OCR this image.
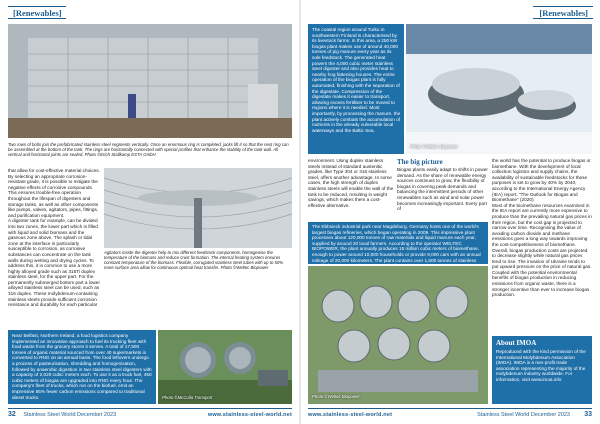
[Renewables]
Two rows of bolts join the prefabricated stainless steel segments vertically. Once an enormous ring is completed, jacks lift it so that the next ring can be assembled at the bottom of the tank. The rings are horizontally connected with special profiles that enhance the stability of the tank wall. All vertical and horizontal joints are sealed. Photo ©Erich Stallkamp ESTA GmbH
that allow for cost-effective material choices. By selecting an appropriate corrosion-resistant grade, it is possible to mitigate the negative effects of corrosive compounds. This ensures trouble-free operation throughout the lifespan of digesters and storage tanks, as well as other components like pumps, valves, agitators, pipes, fittings, and purification equipment.
A digester tank for example, can be divided into two zones, the lower part which is filled with liquid and solid biomass and the gaseous zone above. The splash or tidal zone at the interface is particularly susceptible to corrosion, as corrosive substances can concentrate on the tank walls during wetting and drying cycles. To address this, it is common to use a more highly alloyed grade such as 316Ti duplex stainless steel, for the upper part. For the permanently submerged bottom part a lower alloyed stainless steel can be used, such as 316 duplex. These molybdenum-containing stainless steels provide sufficient corrosion resistance and durability for each particular
Agitators inside the digester help to mix different feedstock components, homogenise the temperature of the biomass and reduce crust formation. The internal heating system ensures constant temperature of the biomass. Flexible, corrugated stainless steel tubes with up to 50% more surface area allow for continuous optimal heat transfer. Photo ©Weltec Biopower
Near Belfast, Northern Ireland, a food logistics company implemented an innovative approach to fuel its trucking fleet with food waste from the grocery stores it serves. A total of 17,500 tonnes of organic material sourced from over 40 supermarkets is converted to RNG on an annual basis. The food leftovers undergo a process of pasteurisation, shredding and homogenisation, followed by anaerobic digestion in two stainless steel digesters with a capacity of 2,020 cubic meters each. To use it as a truck fuel, 450 cubic meters of biogas are upgraded into RNG every hour. The company's fleet of trucks, which run on the biofuel, emit an impressive 85% fewer carbon emissions compared to traditional diesel trucks.	Photo ©McCulla Transport
32 Stainless Steel World December 2023	www.stainless-steel-world.net
[Renewables]
The coastal region around Turku in southwestern Finland is characterised by its livestock farms. In this area, a 250 kW biogas plant makes use of around 40,000 tonnes of pig manure every year as its sole feedstock. The generated heat powers the 4,000 cubic meter stainless steel digester and also provides heat to nearby hog fattening houses. The entire operation of the biogas plant is fully automated, finishing with the separation of the digestate. Compression of the digestate makes it easier to transport, allowing excess fertiliser to be moved to regions where it is needed. Most importantly, by processing the manure, the plant actively combats the accumulation of nutrients in the already vulnerable local waterways and the Baltic Sea.
Photo ©Weltec Biopower
environment. Using duplex stainless steels instead of standard austenitic grades, like Type 304 or 316 stainless steel, offers another advantage. In some cases, the high strength of duplex stainless steels will enable the wall of the tank to be reduced, resulting in weight savings, which makes them a cost-effective alternative.
The big picture
Biogas plants easily adapt to shifts in power demand. As the share of renewable energy sources continues to grow, the flexibility of biogas in covering peak demands and balancing the intermittent periods of other renewables such as wind and solar power becomes increasingly important. Every part of
the world has the potential to produce biogas or biomethane. With the development of local collection logistics and supply chains, the availability of sustainable feedstocks for these purposes is set to grow by 40% by 2040, according to the International Energy Agency (IEA) report, "The Outlook for Biogas and Biomethane" (2020).
Most of the biomethane resources examined in the IEA report are currently more expensive to produce than the prevailing natural gas prices in their region, but the cost gap is projected to narrow over time. Recognising the value of avoiding carbon dioxide and methane emissions goes a long way towards improving the cost-competitiveness of biomethane. Overall, biogas production costs are projected to decrease slightly while natural gas prices tend to rise. The invasion of Ukraine tends to put upward pressure on the price of natural gas. Coupled with the potential environmental benefits of biogas production in reducing emissions from organic waste, there is a stronger incentive than ever to increase biogas production.
The Ebbsieck industrial park near Magdeburg, Germany hosts one of the world's largest biogas refineries, which began operating in 2009. This impressive plant processes about 120,000 tonnes of raw materials and liquid manure each year, supplied by around 20 local farmers. According to the operator WELTEC BIOPOWER, the plant annually produces 15 million cubic meters of biomethane, enough to power around 10,000 households or provide 9,000 cars with an annual mileage of 20,000 kilometers. The plant contains over 1,500 tonnes of stainless
Photo ©Weltec Biopower
About IMOA
Reproduced with the kind permission of the International Molybdenum Association (IMOA). IMOA is a non-profit trade association representing the majority of the molybdenum industry worldwide. For information, visit www.imoa.info
www.stainless-steel-world.net	Stainless Steel World December 2023 33
